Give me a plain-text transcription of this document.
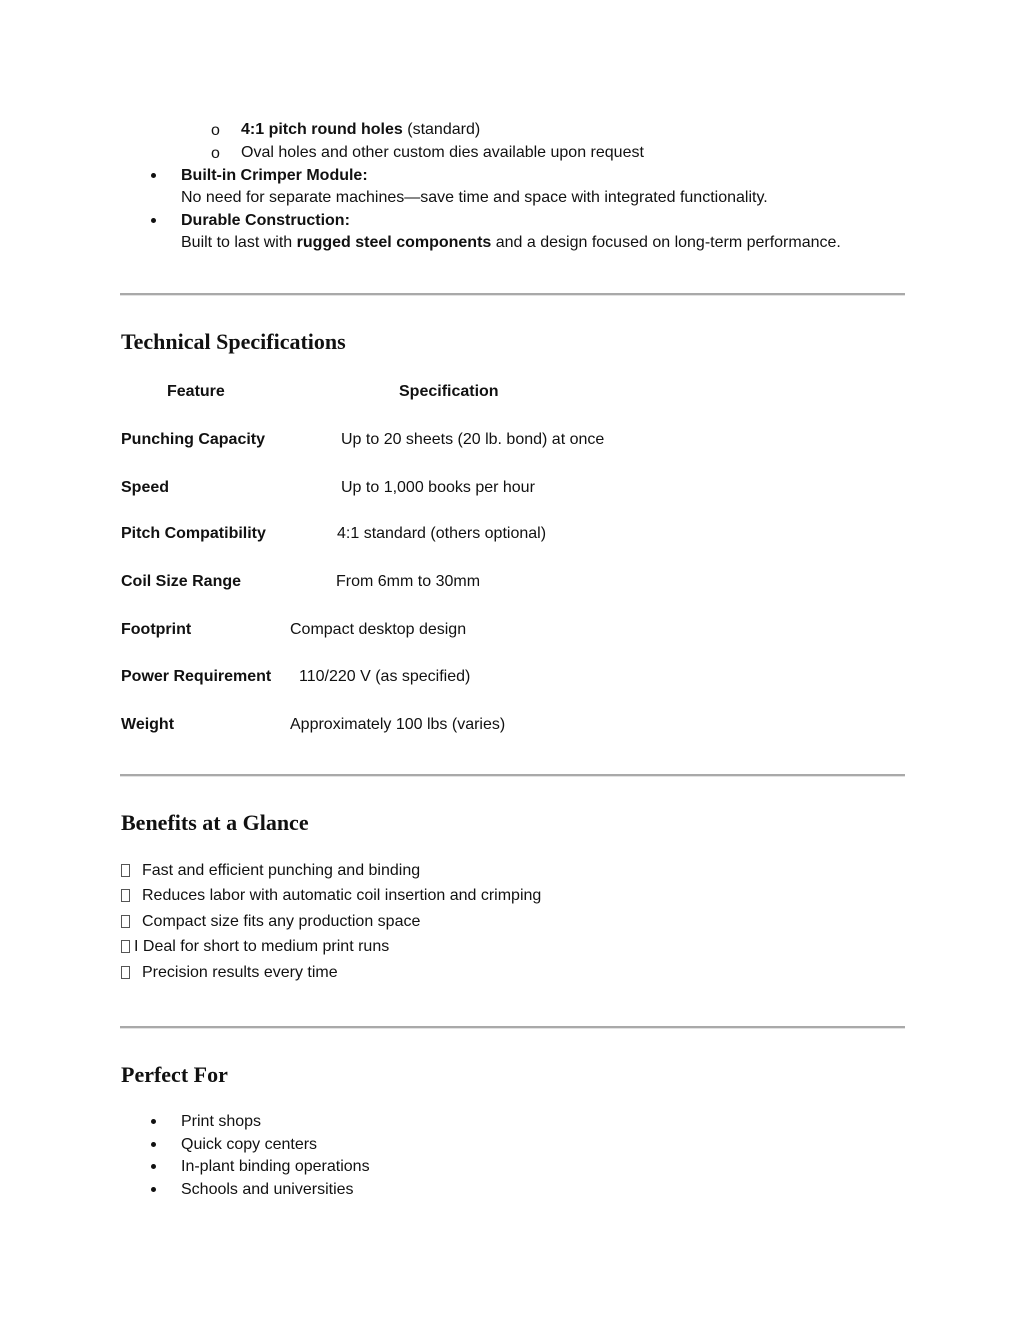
o 4:1 pitch round holes (standard)
o Oval holes and other custom dies available upon request
Built-in Crimper Module:
No need for separate machines—save time and space with integrated functionality.
Durable Construction:
Built to last with rugged steel components and a design focused on long-term performance.
Technical Specifications
Feature	Specification
Punching Capacity	Up to 20 sheets (20 lb. bond) at once
Speed	Up to 1,000 books per hour
Pitch Compatibility	4:1 standard (others optional)
Coil Size Range	From 6mm to 30mm
Footprint	Compact desktop design
Power Requirement 110/220 V (as specified)
Weight	Approximately 100 lbs (varies)
Benefits at a Glance
Fast and efficient punching and binding
Reduces labor with automatic coil insertion and crimping
Compact size fits any production space
I Deal for short to medium print runs
Precision results every time
Perfect For
Print shops
Quick copy centers
In-plant binding operations
Schools and universities
